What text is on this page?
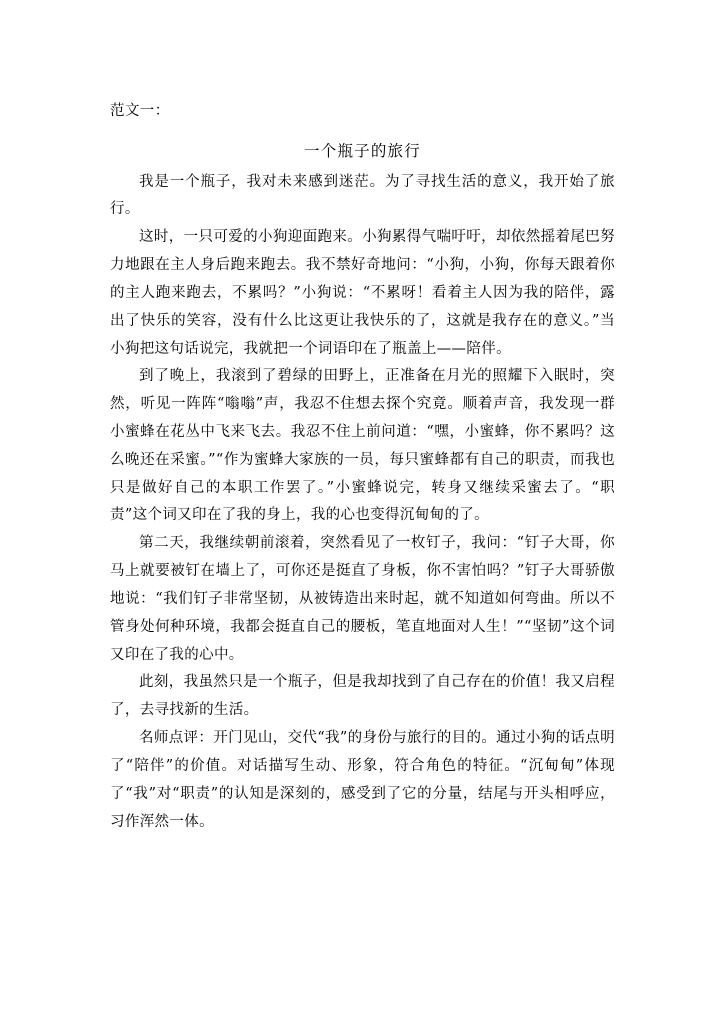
范文一：
一个瓶子的旅行

我是一个瓶子，我对未来感到迷茫。为了寻找生活的意义，我开始了旅行。

这时，一只可爱的小狗迎面跑来。小狗累得气喘吁吁，却依然摇着尾巴努力地跟在主人身后跑来跑去。我不禁好奇地问：“小狗，小狗，你每天跟着你的主人跑来跑去，不累吗？”小狗说：“不累呀！看着主人因为我的陪伴，露出了快乐的笑容，没有什么比这更让我快乐的了，这就是我存在的意义。”当小狗把这句话说完，我就把一个词语印在了瓶盖上——陪伴。

到了晚上，我滚到了碧绿的田野上，正准备在月光的照耀下入眠时，突然，听见一阵阵“嗡嗡”声，我忍不住想去探个究竟。顺着声音，我发现一群小蜜蜂在花丛中飞来飞去。我忍不住上前问道：“嘿，小蜜蜂，你不累吗？这么晚还在采蜜。”“作为蜜蜂大家族的一员，每只蜜蜂都有自己的职责，而我也只是做好自己的本职工作罢了。”小蜜蜂说完，转身又继续采蜜去了。“职责”这个词又印在了我的身上，我的心也变得沉甸甸的了。

第二天，我继续朝前滚着，突然看见了一枚钉子，我问：“钉子大哥，你马上就要被钉在墙上了，可你还是挺直了身板，你不害怕吗？”钉子大哥骄傲地说：“我们钉子非常坚韧，从被铸造出来时起，就不知道如何弯曲。所以不管身处何种环境，我都会挺直自己的腰板，笔直地面对人生！”“坚韧”这个词又印在了我的心中。

此刻，我虽然只是一个瓶子，但是我却找到了自己存在的价值！我又启程了，去寻找新的生活。

名师点评：开门见山，交代“我”的身份与旅行的目的。通过小狗的话点明了“陪伴”的价值。对话描写生动、形象，符合角色的特征。“沉甸甸”体现了“我”对“职责”的认知是深刻的，感受到了它的分量，结尾与开头相呼应，习作浑然一体。
